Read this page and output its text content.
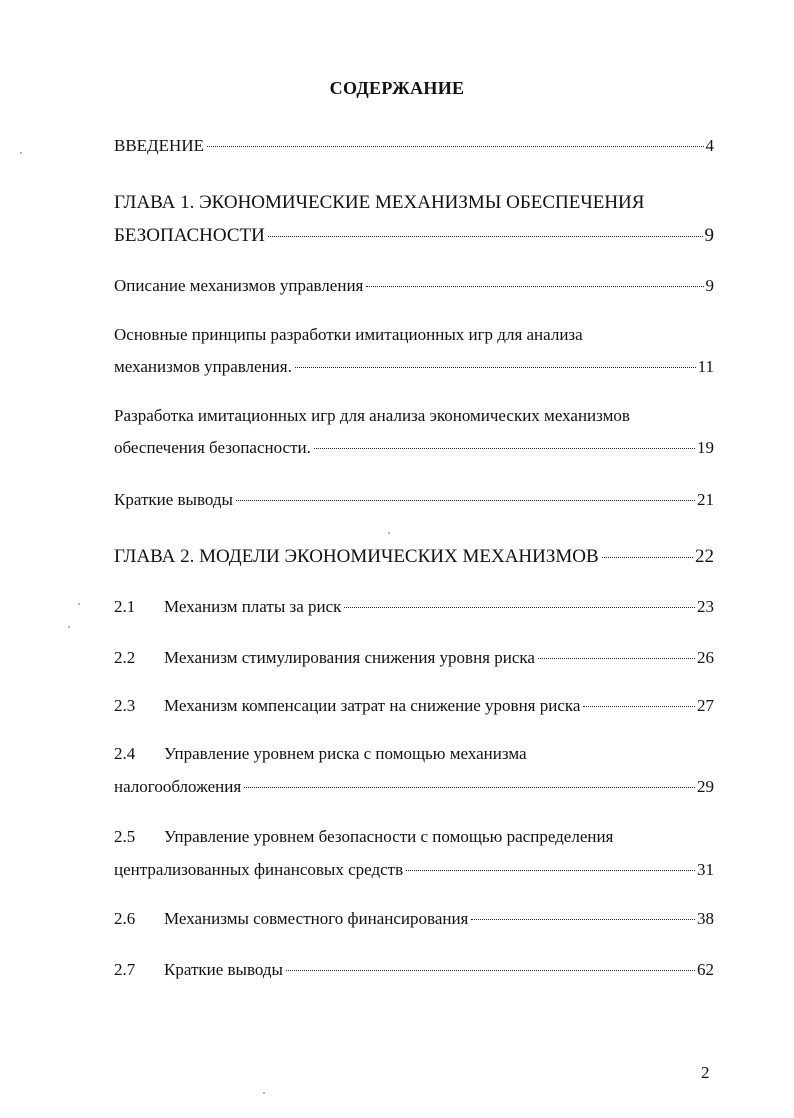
СОДЕРЖАНИЕ
ВВЕДЕНИЕ	4
ГЛАВА 1. ЭКОНОМИЧЕСКИЕ МЕХАНИЗМЫ ОБЕСПЕЧЕНИЯ
БЕЗОПАСНОСТИ	9
Описание механизмов управления	9
Основные принципы разработки имитационных игр для анализа
механизмов управления.	11
Разработка имитационных игр для анализа экономических механизмов
обеспечения безопасности.	19
Краткие выводы	21
ГЛАВА 2. МОДЕЛИ ЭКОНОМИЧЕСКИХ МЕХАНИЗМОВ	22
2.1	Механизм платы за риск	23
2.2	Механизм стимулирования снижения уровня риска	26
2.3	Механизм компенсации затрат на снижение уровня риска	27
2.4 Управление уровнем риска с помощью механизма
налогообложения	29
2.5 Управление уровнем безопасности с помощью распределения
централизованных финансовых средств	31
2.6	Механизмы совместного финансирования	38
2.7	Краткие выводы	62
2
